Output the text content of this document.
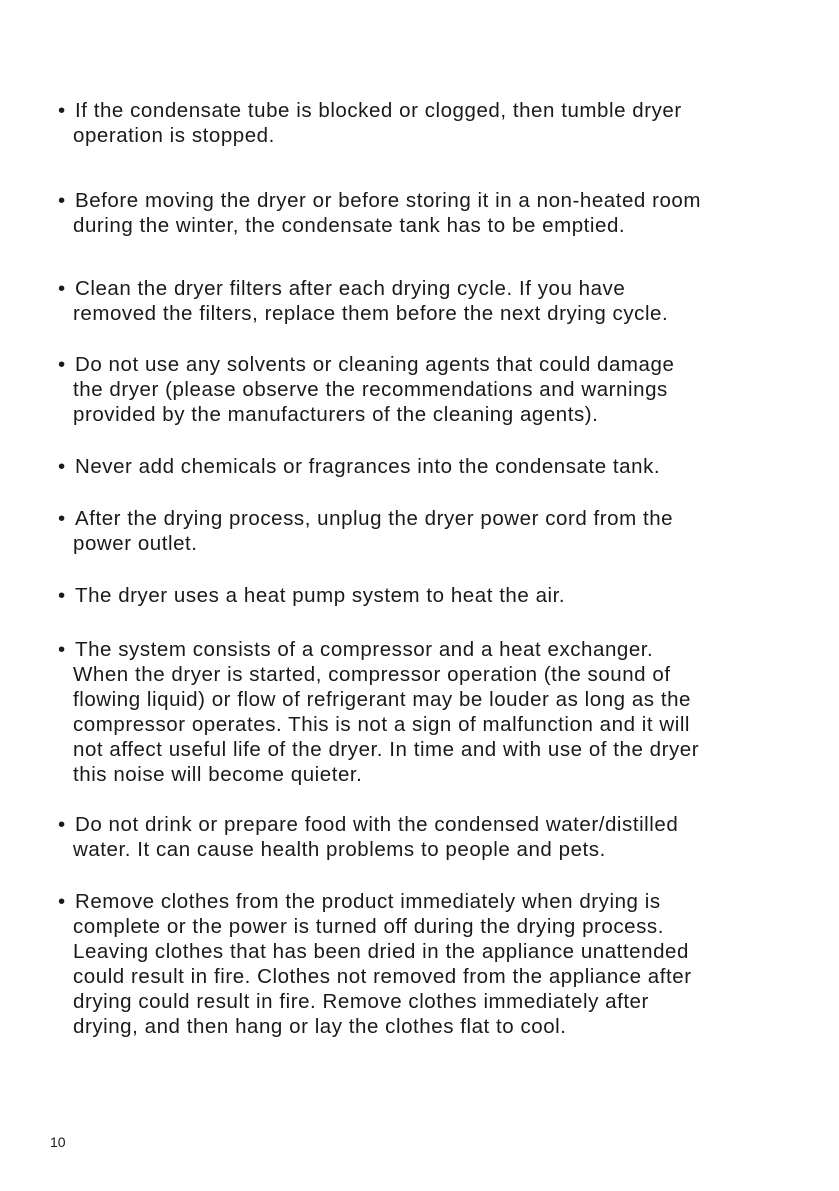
• If the condensate tube is blocked or clogged, then tumble dryer
operation is stopped.
• Before moving the dryer or before storing it in a non-heated room
during the winter, the condensate tank has to be emptied.
• Clean the dryer filters after each drying cycle. If you have
removed the filters, replace them before the next drying cycle.
• Do not use any solvents or cleaning agents that could damage
the dryer (please observe the recommendations and warnings
provided by the manufacturers of the cleaning agents).
• Never add chemicals or fragrances into the condensate tank.
• After the drying process, unplug the dryer power cord from the
power outlet.
• The dryer uses a heat pump system to heat the air.
• The system consists of a compressor and a heat exchanger.
When the dryer is started, compressor operation (the sound of
flowing liquid) or flow of refrigerant may be louder as long as the
compressor operates. This is not a sign of malfunction and it will
not affect useful life of the dryer. In time and with use of the dryer
this noise will become quieter.
• Do not drink or prepare food with the condensed water/distilled
water. It can cause health problems to people and pets.
• Remove clothes from the product immediately when drying is
complete or the power is turned off during the drying process.
Leaving clothes that has been dried in the appliance unattended
could result in fire. Clothes not removed from the appliance after
drying could result in fire. Remove clothes immediately after
drying, and then hang or lay the clothes flat to cool.
10
